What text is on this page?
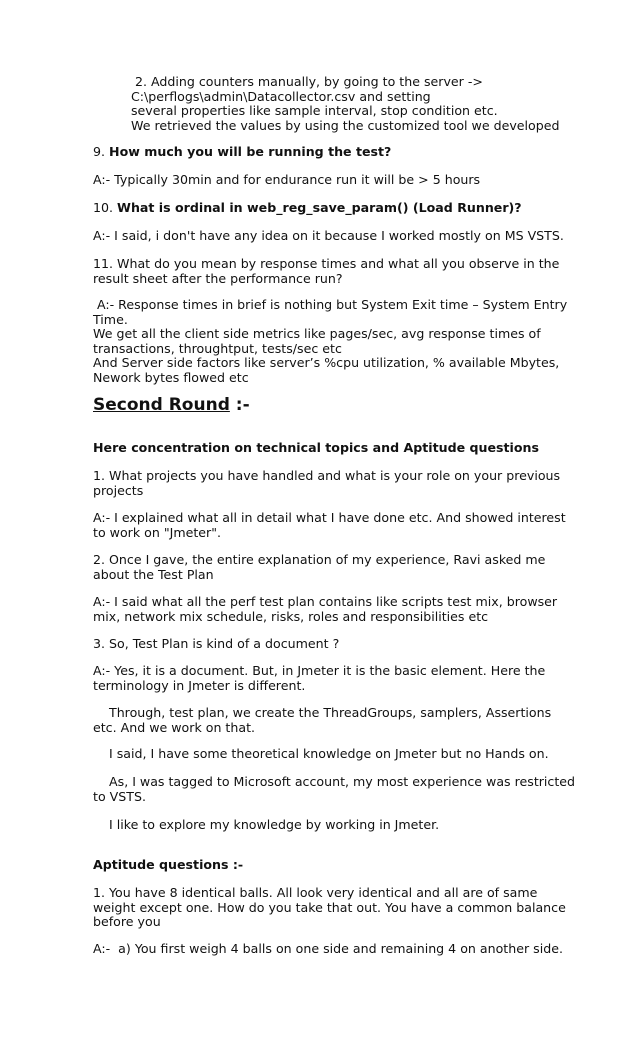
2. Adding counters manually, by going to the server ->
C:\perflogs\admin\Datacollector.csv and setting
several properties like sample interval, stop condition etc.
We retrieved the values by using the customized tool we developed
9. How much you will be running the test?
A:- Typically 30min and for endurance run it will be > 5 hours
10. What is ordinal in web_reg_save_param() (Load Runner)?
A:- I said, i don't have any idea on it because I worked mostly on MS VSTS.
11. What do you mean by response times and what all you observe in the
result sheet after the performance run?
A:- Response times in brief is nothing but System Exit time – System Entry
Time.
We get all the client side metrics like pages/sec, avg response times of
transactions, throughtput, tests/sec etc
And Server side factors like server’s %cpu utilization, % available Mbytes,
Nework bytes flowed etc
Second Round :-
Here concentration on technical topics and Aptitude questions
1. What projects you have handled and what is your role on your previous
projects
A:- I explained what all in detail what I have done etc. And showed interest
to work on "Jmeter".
2. Once I gave, the entire explanation of my experience, Ravi asked me
about the Test Plan
A:- I said what all the perf test plan contains like scripts test mix, browser
mix, network mix schedule, risks, roles and responsibilities etc
3. So, Test Plan is kind of a document ?
A:- Yes, it is a document. But, in Jmeter it is the basic element. Here the
terminology in Jmeter is different.
Through, test plan, we create the ThreadGroups, samplers, Assertions
etc. And we work on that.
I said, I have some theoretical knowledge on Jmeter but no Hands on.
As, I was tagged to Microsoft account, my most experience was restricted
to VSTS.
I like to explore my knowledge by working in Jmeter.
Aptitude questions :-
1. You have 8 identical balls. All look very identical and all are of same
weight except one. How do you take that out. You have a common balance
before you
A:-  a) You first weigh 4 balls on one side and remaining 4 on another side.
